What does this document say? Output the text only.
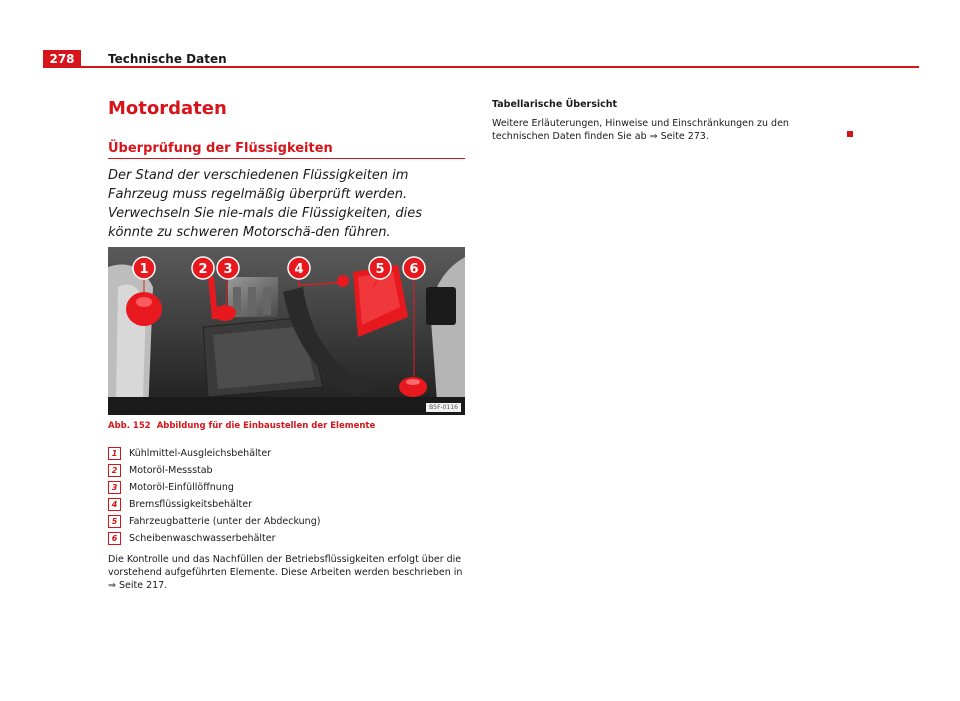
278	Technische Daten
Motordaten
Überprüfung der Flüssigkeiten

Der Stand der verschiedenen Flüssigkeiten im Fahrzeug muss regelmäßig überprüft werden. Verwechseln Sie nie-mals die Flüssigkeiten, dies könnte zu schweren Motorschä-den führen.

1	2 3	4	5 6
B5F-0116
Abb. 152 Abbildung für die Einbaustellen der Elemente
1	Kühlmittel-Ausgleichsbehälter
2	Motoröl-Messstab
3	Motoröl-Einfüllöffnung
4	Bremsflüssigkeitsbehälter
5	Fahrzeugbatterie (unter der Abdeckung)
6	Scheibenwaschwasserbehälter

Die Kontrolle und das Nachfüllen der Betriebsflüssigkeiten erfolgt über die vorstehend aufgeführten Elemente. Diese Arbeiten werden beschrieben in ⇒ Seite 217.

Tabellarische Übersicht

Weitere Erläuterungen, Hinweise und Einschränkungen zu den technischen Daten finden Sie ab ⇒ Seite 273.
